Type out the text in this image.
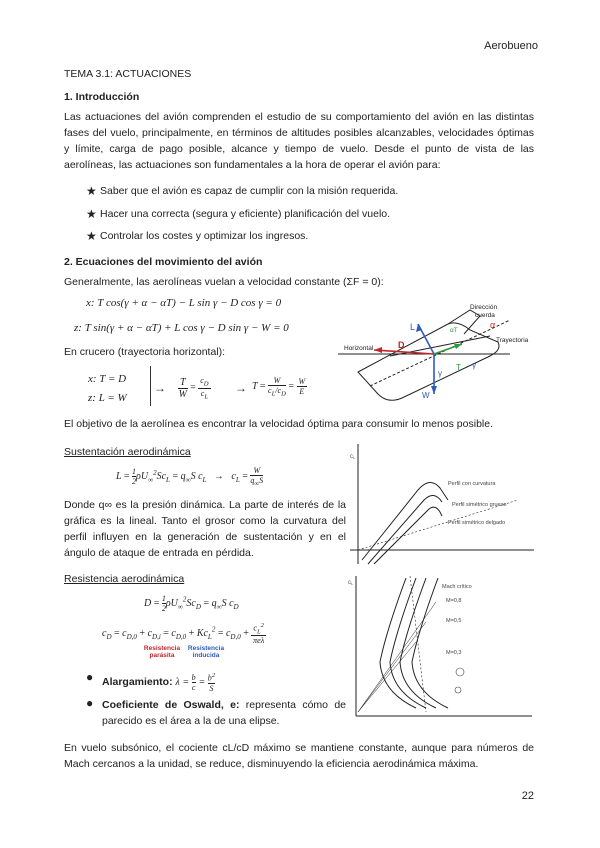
Aerobueno
TEMA 3.1: ACTUACIONES
1. Introducción

Las actuaciones del avión comprenden el estudio de su comportamiento del avión en las distintas fases del vuelo, principalmente, en términos de altitudes posibles alcanzables, velocidades óptimas y límite, carga de pago posible, alcance y tiempo de vuelo. Desde el punto de vista de las aerolíneas, las actuaciones son fundamentales a la hora de operar el avión para:

★ Saber que el avión es capaz de cumplir con la misión requerida.
★ Hacer una correcta (segura y eficiente) planificación del vuelo.
★ Controlar los costes y optimizar los ingresos.
2. Ecuaciones del movimiento del avión
Generalmente, las aerolíneas vuelan a velocidad constante (ΣF = 0):
x: T cos(γ + α − αT) − L sin γ − D cos γ = 0
z: T sin(γ + α − αT) + L cos γ − D sin γ − W = 0
En crucero (trayectoria horizontal):
x: T = D
z: L = W
→ $\frac{T}{W} = \frac{c_D}{c_L} \to T = \frac{W}{c_L/c_D} = \frac{W}{E}$
Horizontal
Dirección
cuerda
Trayectoria
L
D
T
W
α
γ
γ
αT

El objetivo de la aerolínea es encontrar la velocidad óptima para consumir lo menos posible.

Sustentación aerodinámica
$L = \frac{1}{2} \rho U_\infty^2Sc_L = q_\infty S$ $c_L \to c_L = \frac{W}{q_\infty S}$

Donde q∞ es la presión dinámica. La parte de interés de la gráfica es la lineal. Tanto el grosor como la curvatura del perfil influyen en la generación de sustentación y en el ángulo de ataque de entrada en pérdida.

cL
Perfil con curvatura
Perfil simétrico grueso
Perfil simétrico delgado
Resistencia aerodinámica
$D = \frac{1}{2} \rho U_\infty^2Sc_D = q_\infty S$ $c_D$
$c_D = c_{D,0} + c_{D,i} = c_{D,0} + Kc_L^2 = c_{D,0} + c_L^2$
πeλ
Resistencia parásita
Resistencia inducida
● Alargamiento: $\lambda = \frac{b}{c} = \frac{b^2}{S}$
● Coeficiente de Oswald, e: representa cómo de parecido es el área a la de una elipse.

cL
Mach crítico
M=0,8
M=0,5
M=0,3

En vuelo subsónico, el cociente cL/cD máximo se mantiene constante, aunque para números de Mach cercanos a la unidad, se reduce, disminuyendo la eficiencia aerodinámica máxima.

22
